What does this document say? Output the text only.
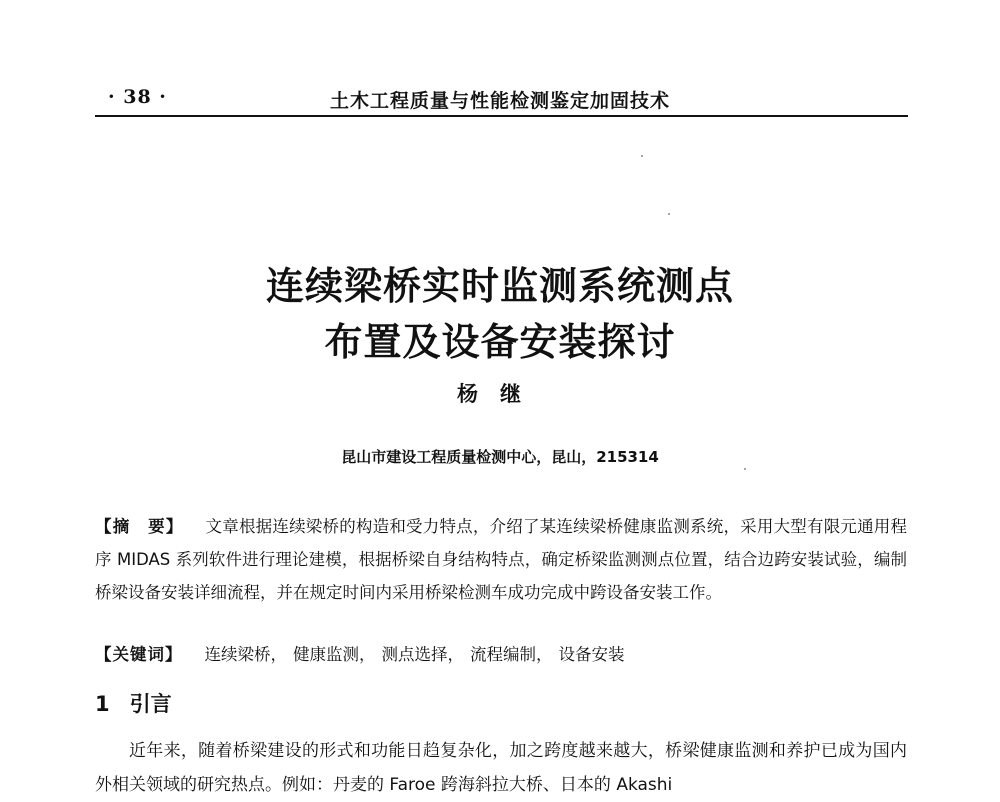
· 38 ·	土木工程质量与性能检测鉴定加固技术
连续梁桥实时监测系统测点
布置及设备安装探讨
杨继
昆山市建设工程质量检测中心，昆山，215314
【摘　要】 文章根据连续梁桥的构造和受力特点，介绍了某连续梁桥健康监测系统，采用大型有限元通用程序 MIDAS 系列软件进行理论建模，根据桥梁自身结构特点，确定桥梁监测测点位置，结合边跨安装试验，编制桥梁设备安装详细流程，并在规定时间内采用桥梁检测车成功完成中跨设备安装工作。
【关键词】 连续梁桥， 健康监测， 测点选择， 流程编制， 设备安装
1 引言
近年来，随着桥梁建设的形式和功能日趋复杂化，加之跨度越来越大，桥梁健康监测和养护已成为国内外相关领域的研究热点。例如：丹麦的 Faroe 跨海斜拉大桥、日本的 Akashi
